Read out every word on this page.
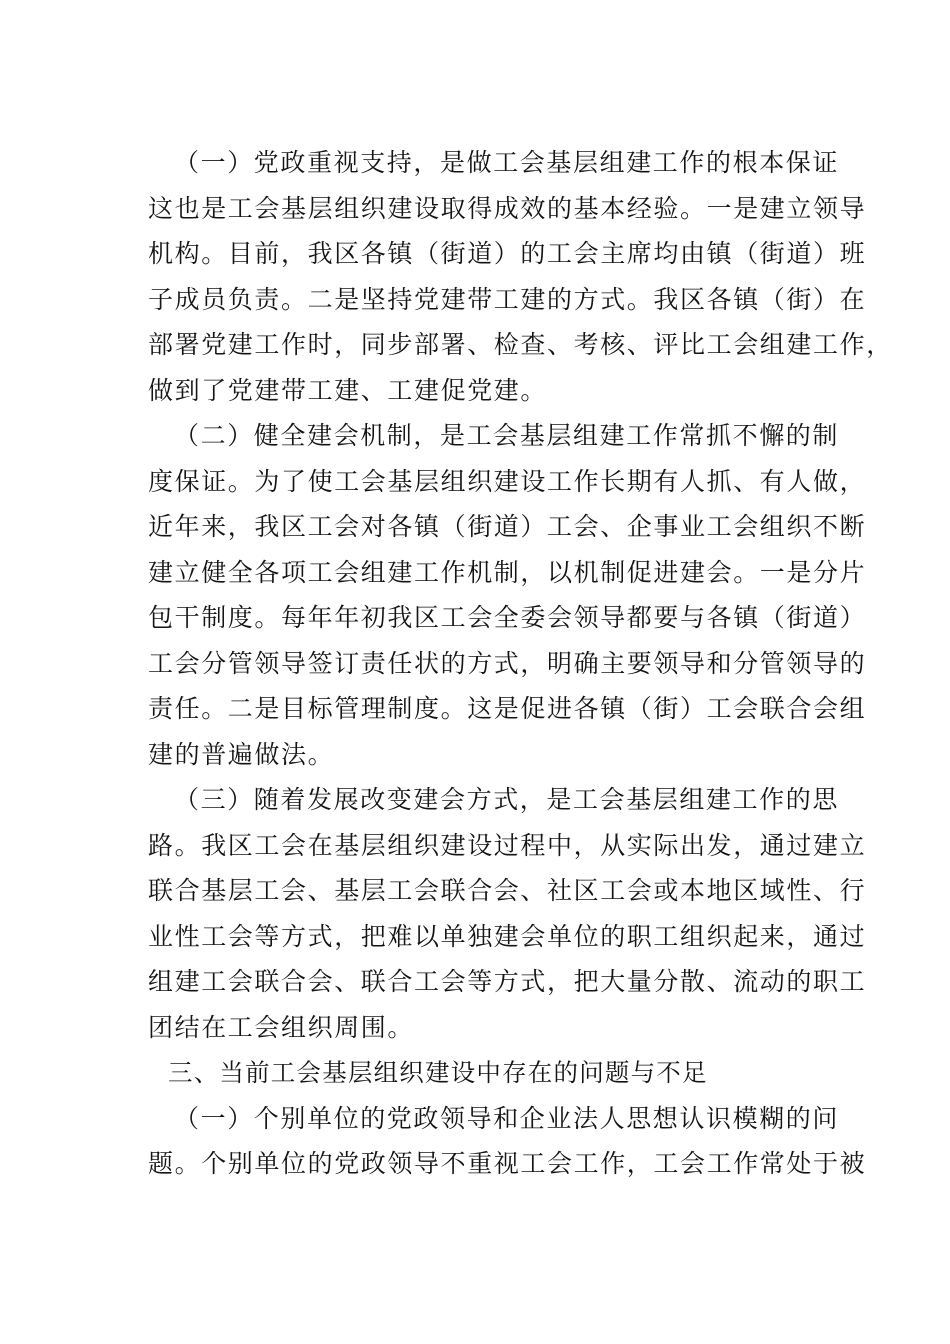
（一）党政重视支持，是做工会基层组建工作的根本保证
这也是工会基层组织建设取得成效的基本经验。一是建立领导
机构。目前，我区各镇（街道）的工会主席均由镇（街道）班
子成员负责。二是坚持党建带工建的方式。我区各镇（街）在
部署党建工作时，同步部署、检查、考核、评比工会组建工作，
做到了党建带工建、工建促党建。

（二）健全建会机制，是工会基层组建工作常抓不懈的制
度保证。为了使工会基层组织建设工作长期有人抓、有人做，
近年来，我区工会对各镇（街道）工会、企事业工会组织不断
建立健全各项工会组建工作机制，以机制促进建会。一是分片
包干制度。每年年初我区工会全委会领导都要与各镇（街道）
工会分管领导签订责任状的方式，明确主要领导和分管领导的
责任。二是目标管理制度。这是促进各镇（街）工会联合会组
建的普遍做法。

（三）随着发展改变建会方式，是工会基层组建工作的思
路。我区工会在基层组织建设过程中，从实际出发，通过建立
联合基层工会、基层工会联合会、社区工会或本地区域性、行
业性工会等方式，把难以单独建会单位的职工组织起来，通过
组建工会联合会、联合工会等方式，把大量分散、流动的职工
团结在工会组织周围。

三、当前工会基层组织建设中存在的问题与不足

（一）个别单位的党政领导和企业法人思想认识模糊的问
题。个别单位的党政领导不重视工会工作，工会工作常处于被
